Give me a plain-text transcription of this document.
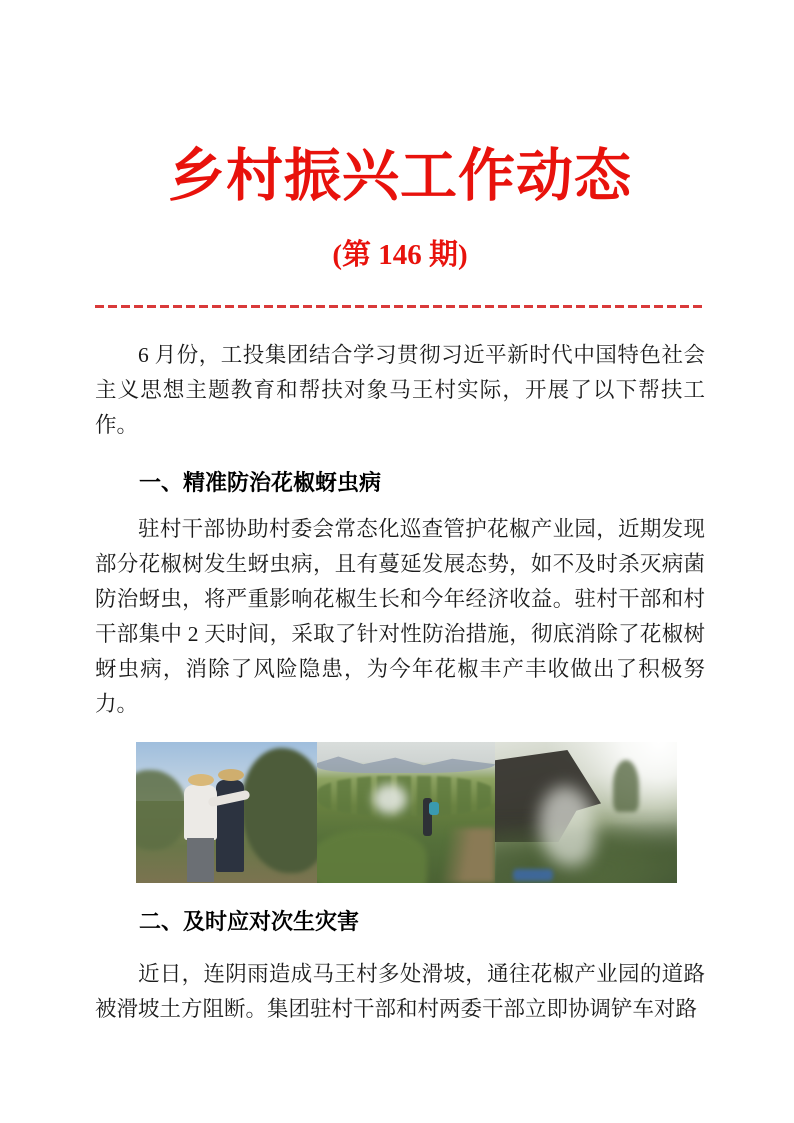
乡村振兴工作动态
(第 146 期)

6 月份，工投集团结合学习贯彻习近平新时代中国特色社会主义思想主题教育和帮扶对象马王村实际，开展了以下帮扶工作。

一、精准防治花椒蚜虫病

驻村干部协助村委会常态化巡查管护花椒产业园，近期发现部分花椒树发生蚜虫病，且有蔓延发展态势，如不及时杀灭病菌防治蚜虫，将严重影响花椒生长和今年经济收益。驻村干部和村干部集中 2 天时间，采取了针对性防治措施，彻底消除了花椒树蚜虫病，消除了风险隐患，为今年花椒丰产丰收做出了积极努力。

二、及时应对次生灾害

近日，连阴雨造成马王村多处滑坡，通往花椒产业园的道路被滑坡土方阻断。集团驻村干部和村两委干部立即协调铲车对路
